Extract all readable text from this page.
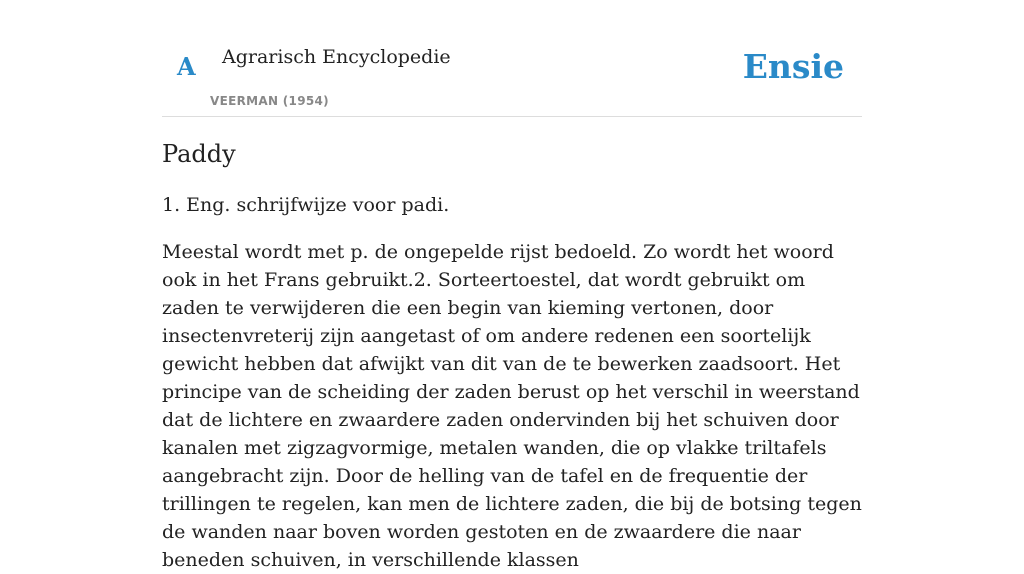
A Agrarisch Encyclopedie
VEERMAN (1954)
Ensie
Paddy

1. Eng. schrijfwijze voor padi.

Meestal wordt met p. de ongepelde rijst bedoeld. Zo wordt het woord ook in het Frans gebruikt.2. Sorteertoestel, dat wordt gebruikt om zaden te verwijderen die een begin van kieming vertonen, door insectenvreterij zijn aangetast of om andere redenen een soortelijk gewicht hebben dat afwijkt van dit van de te bewerken zaadsoort. Het principe van de scheiding der zaden berust op het verschil in weerstand dat de lichtere en zwaardere zaden ondervinden bij het schuiven door kanalen met zigzagvormige, metalen wanden, die op vlakke triltafels aangebracht zijn. Door de helling van de tafel en de frequentie der trillingen te regelen, kan men de lichtere zaden, die bij de botsing tegen de wanden naar boven worden gestoten en de zwaardere die naar beneden schuiven, in verschillende klassen
